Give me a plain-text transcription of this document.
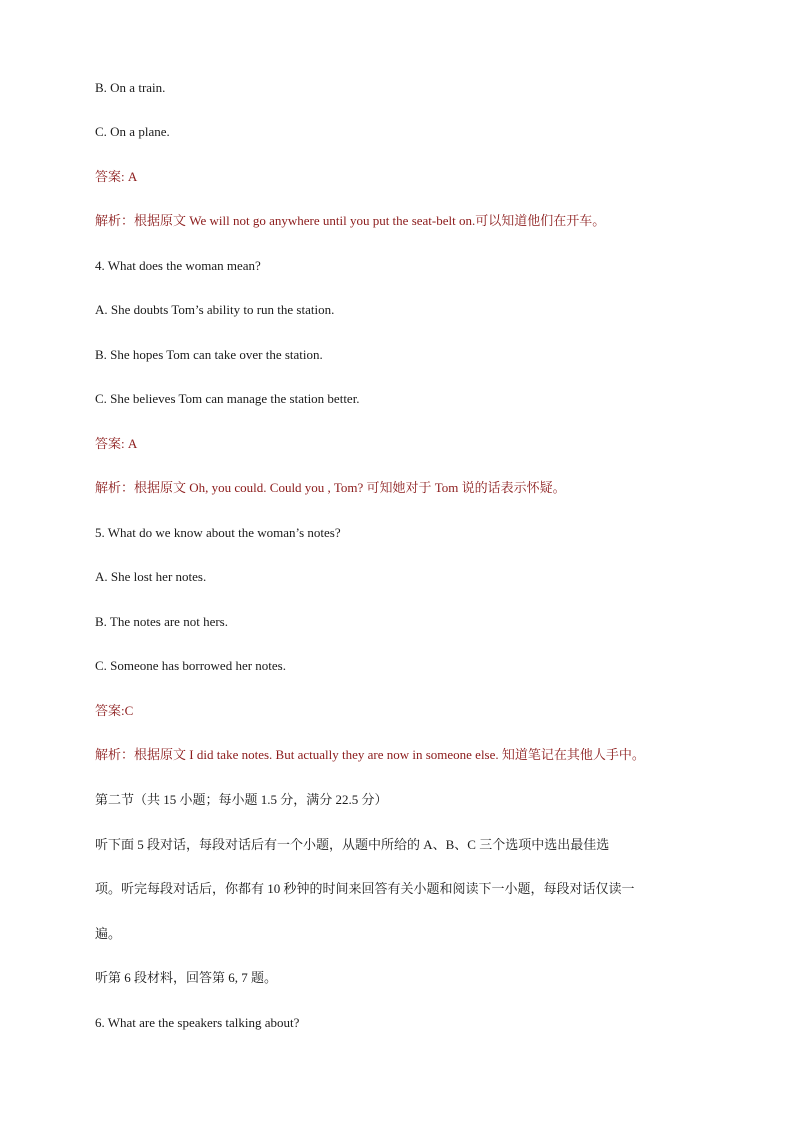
B. On a train.
C. On a plane.
答案: A
解析：根据原文 We will not go anywhere until you put the seat-belt on.可以知道他们在开车。
4. What does the woman mean?
A. She doubts Tom’s ability to run the station.
B. She hopes Tom can take over the station.
C. She believes Tom can manage the station better.
答案: A
解析：根据原文 Oh, you could. Could you , Tom? 可知她对于 Tom 说的话表示怀疑。
5. What do we know about the woman’s notes?
A. She lost her notes.
B. The notes are not hers.
C. Someone has borrowed her notes.
答案:C
解析：根据原文 I did take notes. But actually they are now in someone else. 知道笔记在其他人手中。
第二节（共 15 小题；每小题 1.5 分，满分 22.5 分）
听下面 5 段对话，每段对话后有一个小题，从题中所给的 A、B、C 三个选项中选出最佳选
项。听完每段对话后，你都有 10 秒钟的时间来回答有关小题和阅读下一小题，每段对话仅读一
遍。
听第 6 段材料，回答第 6, 7 题。
6. What are the speakers talking about?
